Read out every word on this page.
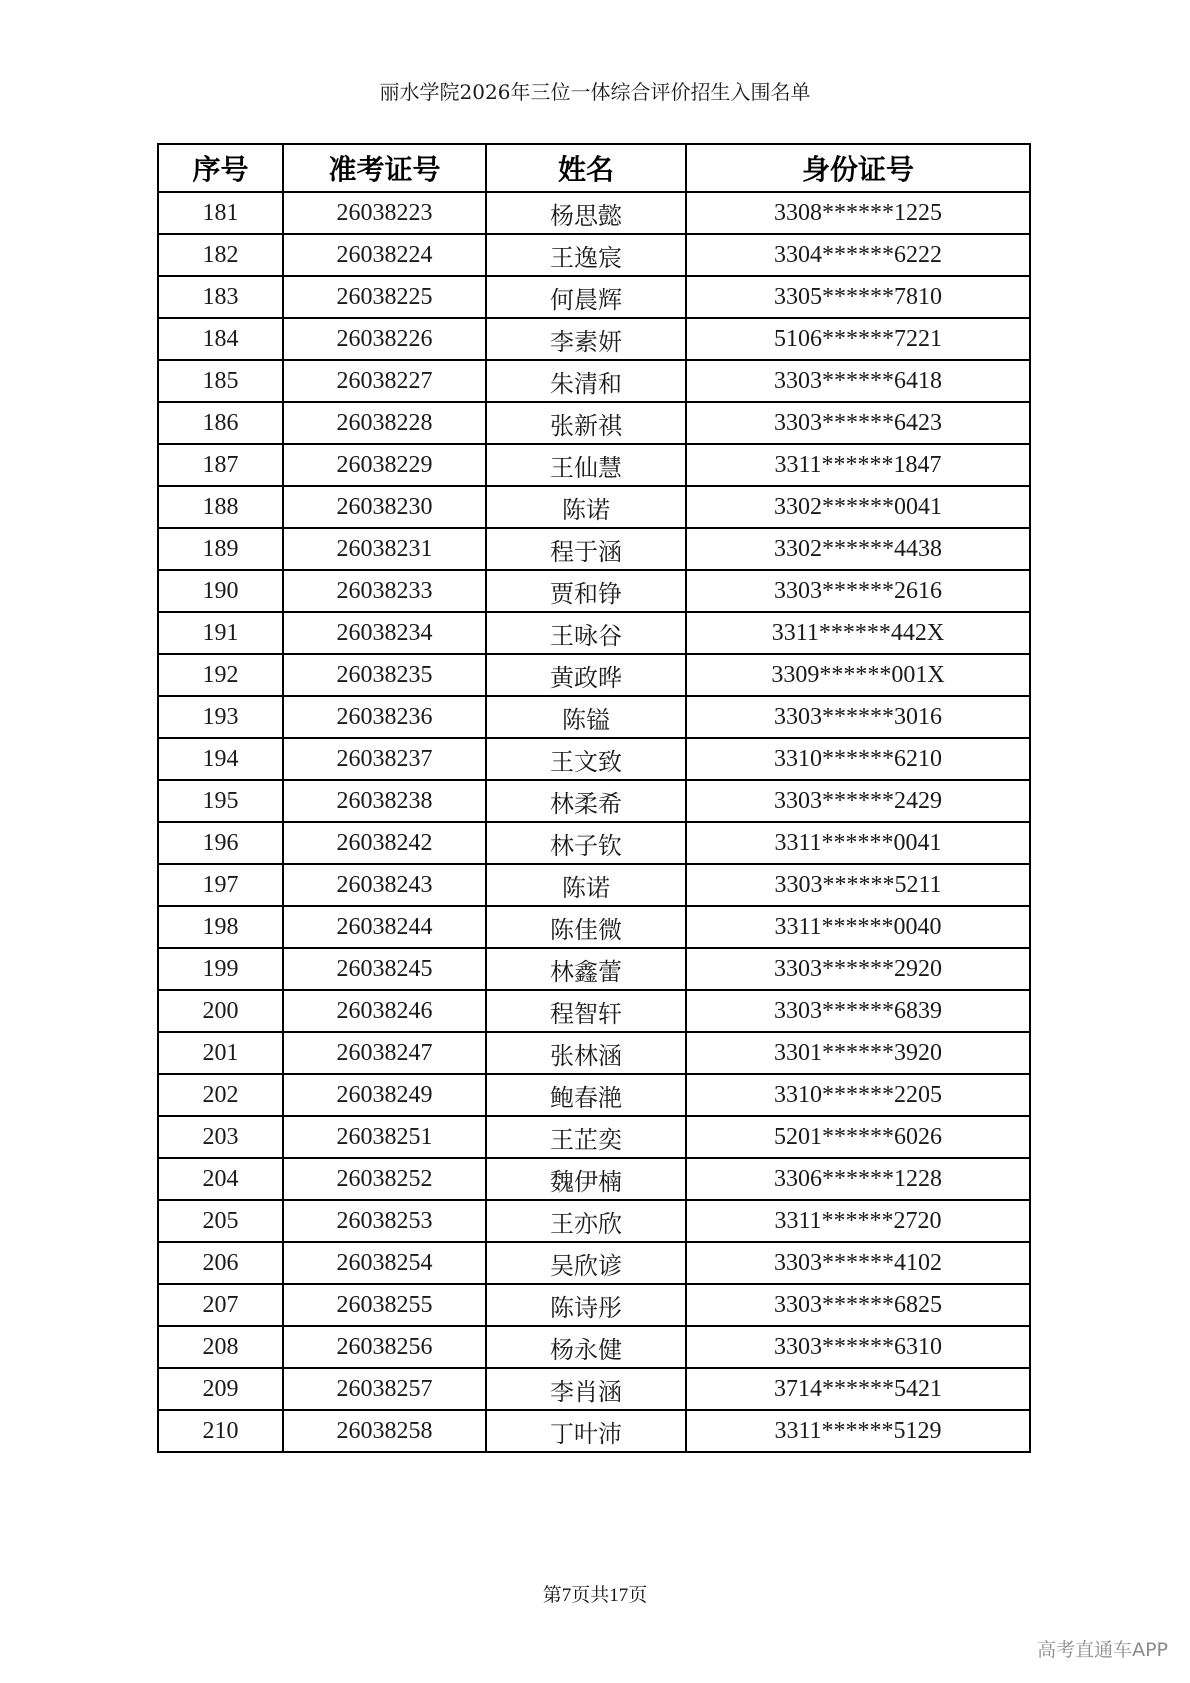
丽水学院2026年三位一体综合评价招生入围名单
序号	准考证号	姓名	身份证号
181	26038223	杨思懿	3308******1225
182	26038224	王逸宸	3304******6222
183	26038225	何晨辉	3305******7810
184	26038226	李素妍	5106******7221
185	26038227	朱清和	3303******6418
186	26038228	张新祺	3303******6423
187	26038229	王仙慧	3311******1847
188	26038230	陈诺	3302******0041
189	26038231	程于涵	3302******4438
190	26038233	贾和铮	3303******2616
191	26038234	王咏谷	3311******442X
192	26038235	黄政晔	3309******001X
193	26038236	陈镒	3303******3016
194	26038237	王文致	3310******6210
195	26038238	林柔希	3303******2429
196	26038242	林子钦	3311******0041
197	26038243	陈诺	3303******5211
198	26038244	陈佳微	3311******0040
199	26038245	林鑫蕾	3303******2920
200	26038246	程智轩	3303******6839
201	26038247	张林涵	3301******3920
202	26038249	鲍春滟	3310******2205
203	26038251	王芷奕	5201******6026
204	26038252	魏伊楠	3306******1228
205	26038253	王亦欣	3311******2720
206	26038254	吴欣谚	3303******4102
207	26038255	陈诗彤	3303******6825
208	26038256	杨永健	3303******6310
209	26038257	李肖涵	3714******5421
210	26038258	丁叶沛	3311******5129
第7页共17页
高考直通车APP
